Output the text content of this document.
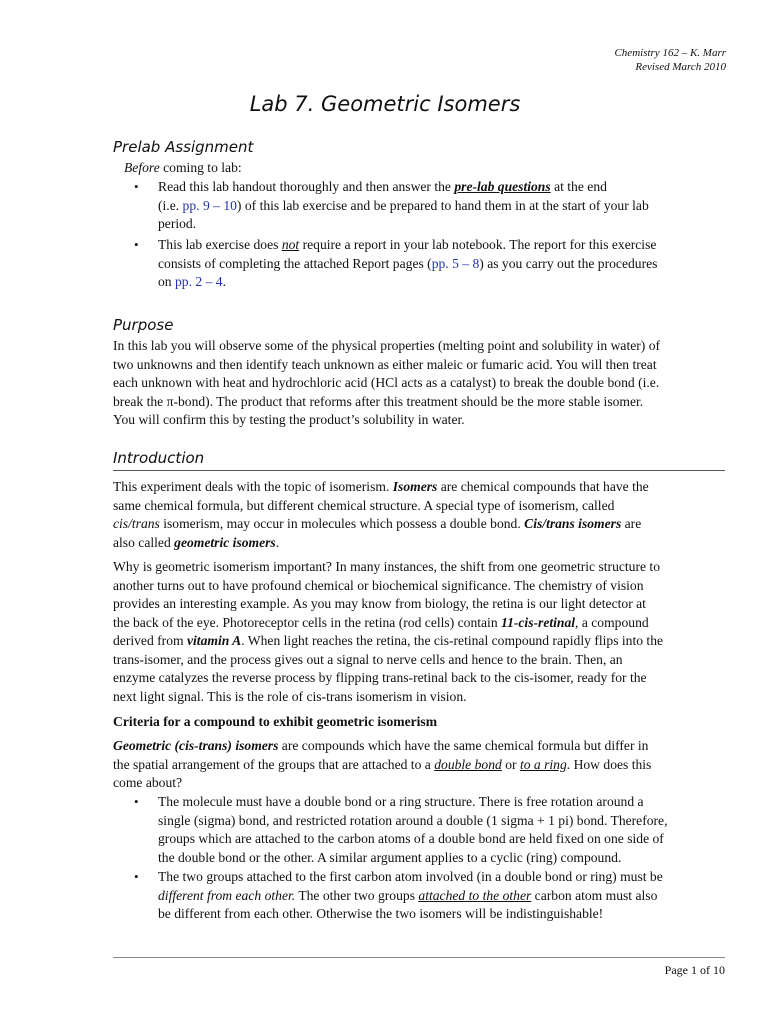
Chemistry 162 – K. Marr
Revised March 2010
Lab 7. Geometric Isomers
Prelab Assignment
Before coming to lab:
• Read this lab handout thoroughly and then answer the pre-lab questions at the end
(i.e. pp. 9 – 10) of this lab exercise and be prepared to hand them in at the start of your lab
period.
• This lab exercise does not require a report in your lab notebook. The report for this exercise
consists of completing the attached Report pages (pp. 5 – 8) as you carry out the procedures
on pp. 2 – 4.
Purpose
In this lab you will observe some of the physical properties (melting point and solubility in water) of
two unknowns and then identify teach unknown as either maleic or fumaric acid. You will then treat
each unknown with heat and hydrochloric acid (HCl acts as a catalyst) to break the double bond (i.e.
break the π-bond). The product that reforms after this treatment should be the more stable isomer.
You will confirm this by testing the product’s solubility in water.
Introduction
This experiment deals with the topic of isomerism. Isomers are chemical compounds that have the
same chemical formula, but different chemical structure. A special type of isomerism, called
cis/trans isomerism, may occur in molecules which possess a double bond. Cis/trans isomers are
also called geometric isomers.
Why is geometric isomerism important? In many instances, the shift from one geometric structure to
another turns out to have profound chemical or biochemical significance. The chemistry of vision
provides an interesting example. As you may know from biology, the retina is our light detector at
the back of the eye. Photoreceptor cells in the retina (rod cells) contain 11-cis-retinal, a compound
derived from vitamin A. When light reaches the retina, the cis-retinal compound rapidly flips into the
trans-isomer, and the process gives out a signal to nerve cells and hence to the brain. Then, an
enzyme catalyzes the reverse process by flipping trans-retinal back to the cis-isomer, ready for the
next light signal. This is the role of cis-trans isomerism in vision.
Criteria for a compound to exhibit geometric isomerism
Geometric (cis-trans) isomers are compounds which have the same chemical formula but differ in
the spatial arrangement of the groups that are attached to a double bond or to a ring. How does this
come about?
• The molecule must have a double bond or a ring structure. There is free rotation around a
single (sigma) bond, and restricted rotation around a double (1 sigma + 1 pi) bond. Therefore,
groups which are attached to the carbon atoms of a double bond are held fixed on one side of
the double bond or the other. A similar argument applies to a cyclic (ring) compound.
• The two groups attached to the first carbon atom involved (in a double bond or ring) must be
different from each other. The other two groups attached to the other carbon atom must also
be different from each other. Otherwise the two isomers will be indistinguishable!
Page 1 of 10
